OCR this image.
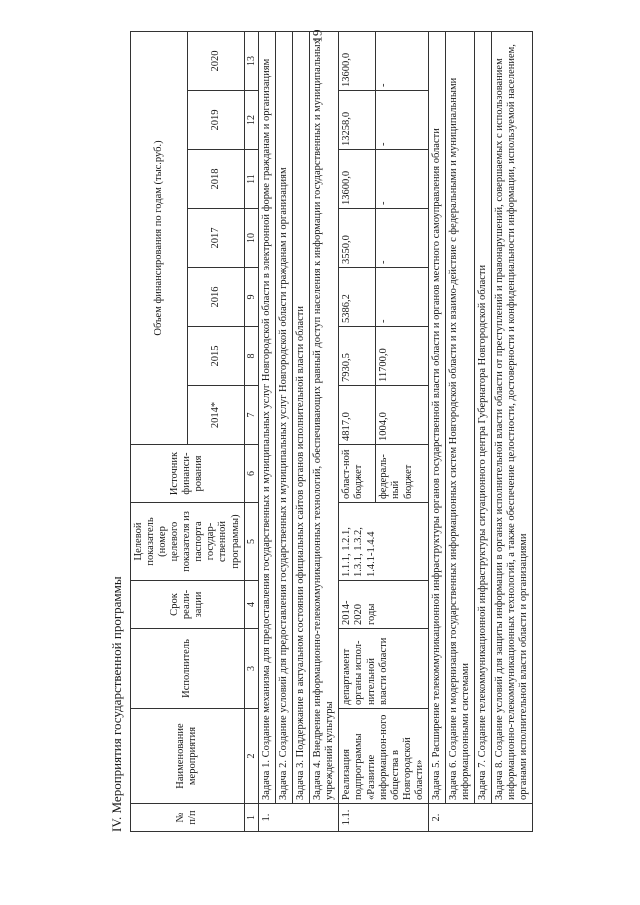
19
IV. Мероприятия государственной программы	№ п/п	Наименование мероприятия	Исполнитель	Срок реали-зации	Целевой показатель (номер целевого показателя из паспорта государ-ственной программы)	Источник финанси-рования	Объем финансирования по годам (тыс.руб.)						
						2014*	2015	2016	2017	2018	2019	2020
1	2	3	4	5	6	7	8	9	10	11	12	13
1.	Задача 1. Создание механизма для предоставления государственных и муниципальных услуг Новгородской области в электронной форме гражданам и организациям											
	Задача 2. Создание условий для предоставления государственных и муниципальных услуг Новгородской области гражданам и организациям											
	Задача 3. Поддержание в актуальном состоянии официальных сайтов органов исполнительной власти области											
	Задача 4. Внедрение информационно-телекоммуникационных технологий, обеспечивающих равный доступ населения к информации государственных и муниципальных учреждений культуры											
1.1.	Реализация подпрограммы «Развитие информацион-ного общества в Новгородской области»	департамент органы испол-нительной власти области	2014-2020 годы	1.1.1, 1.2.1, 1.3.1, 1.3.2, 1.4.1-1.4.4	област-ной бюджет	4817,0	7930,5	5386,2	3550,0	13600,0	13258,0	13600,0
					федераль-ный бюджет	1004,0	11700,0	-	-	-	-	-
2.	Задача 5. Расширение телекоммуникационной инфраструктуры органов государственной власти области и органов местного самоуправления области											
	Задача 6. Создание и модернизация государственных информационных систем Новгородской области и их взаимо-действие с федеральными и муниципальными информационными системами											
	Задача 7. Создание телекоммуникационной инфраструктуры ситуационного центра Губернатора Новгородской области											
	Задача 8. Создание условий для защиты информации в органах исполнительной власти области от преступлений и правонарушений, совершаемых с использованием информационно-телекоммуникационных технологий, а также обеспечение целостности, достоверности и конфиденциальности информации, используемой населением, органами исполнительной власти области и организациями											
